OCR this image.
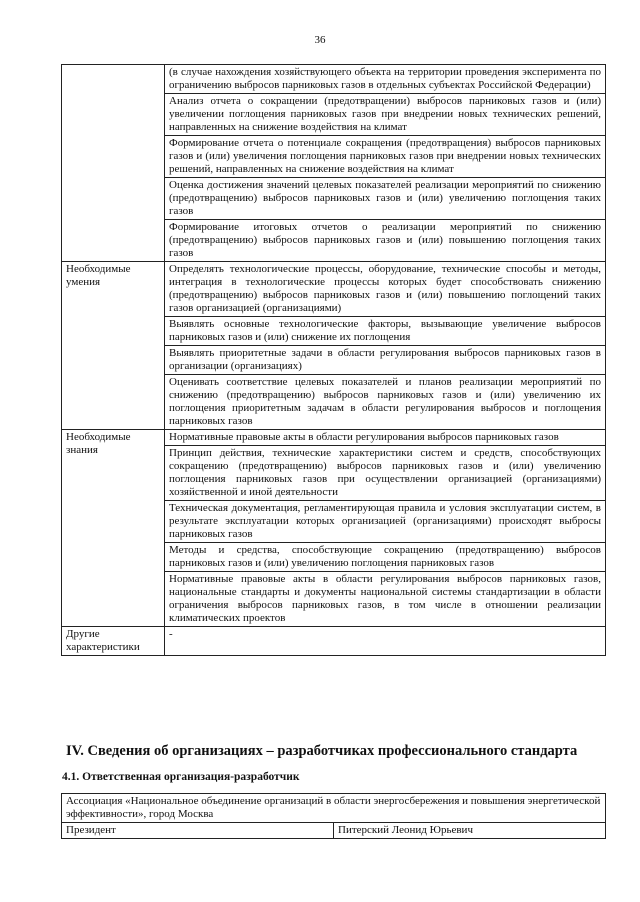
36
	(в случае нахождения хозяйствующего объекта на территории проведения эксперимента по ограничению выбросов парниковых газов в отдельных субъектах Российской Федерации)
	Анализ отчета о сокращении (предотвращении) выбросов парниковых газов и (или) увеличении поглощения парниковых газов при внедрении новых технических решений, направленных на снижение воздействия на климат
	Формирование отчета о потенциале сокращения (предотвращения) выбросов парниковых газов и (или) увеличения поглощения парниковых газов при внедрении новых технических решений, направленных на снижение воздействия на климат
	Оценка достижения значений целевых показателей реализации мероприятий по снижению (предотвращению) выбросов парниковых газов и (или) увеличению поглощения таких газов
	Формирование итоговых отчетов о реализации мероприятий по снижению (предотвращению) выбросов парниковых газов и (или) повышению поглощения таких газов
Необходимые умения	Определять технологические процессы, оборудование, технические способы и методы, интеграция в технологические процессы которых будет способствовать снижению (предотвращению) выбросов парниковых газов и (или) повышению поглощений таких газов организацией (организациями)
	Выявлять основные технологические факторы, вызывающие увеличение выбросов парниковых газов и (или) снижение их поглощения
	Выявлять приоритетные задачи в области регулирования выбросов парниковых газов в организации (организациях)
	Оценивать соответствие целевых показателей и планов реализации мероприятий по снижению (предотвращению) выбросов парниковых газов и (или) увеличению их поглощения приоритетным задачам в области регулирования выбросов и поглощения парниковых газов
Необходимые знания	Нормативные правовые акты в области регулирования выбросов парниковых газов
	Принцип действия, технические характеристики систем и средств, способствующих сокращению (предотвращению) выбросов парниковых газов и (или) увеличению поглощения парниковых газов при осуществлении организацией (организациями) хозяйственной и иной деятельности
	Техническая документация, регламентирующая правила и условия эксплуатации систем, в результате эксплуатации которых организацией (организациями) происходят выбросы парниковых газов
	Методы и средства, способствующие сокращению (предотвращению) выбросов парниковых газов и (или) увеличению поглощения парниковых газов
	Нормативные правовые акты в области регулирования выбросов парниковых газов, национальные стандарты и документы национальной системы стандартизации в области ограничения выбросов парниковых газов, в том числе в отношении реализации климатических проектов
Другие характеристики	-
IV. Сведения об организациях – разработчиках профессионального стандарта
4.1. Ответственная организация-разработчик
Ассоциация «Национальное объединение организаций в области энергосбережения и повышения энергетической эффективности», город Москва
Президент	Питерский Леонид Юрьевич
